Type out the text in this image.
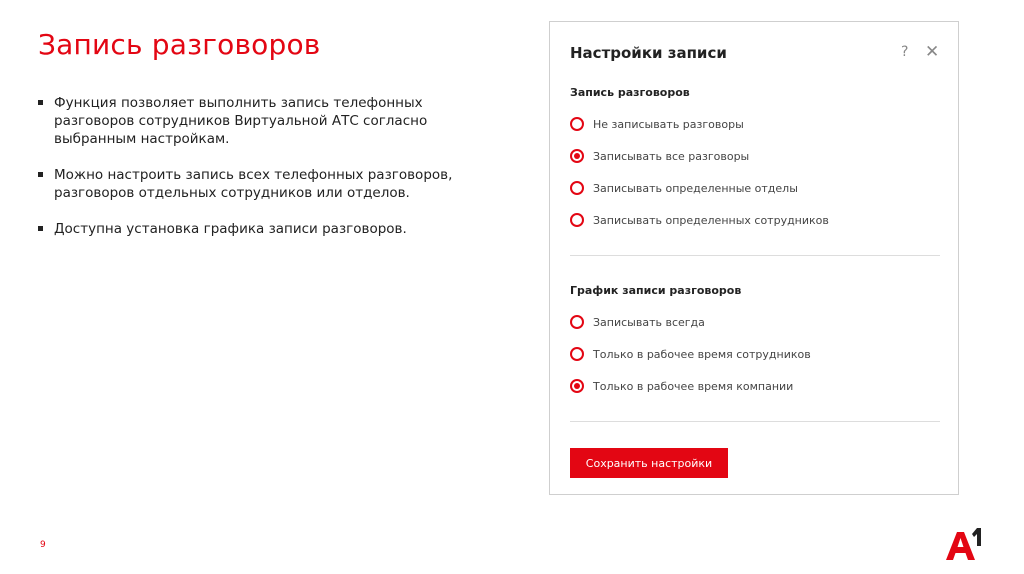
Запись разговоров
Функция позволяет выполнить запись телефонных разговоров сотрудников Виртуальной АТС согласно выбранным настройкам.
Можно настроить запись всех телефонных разговоров, разговоров отдельных сотрудников или отделов.
Доступна установка графика записи разговоров.
Настройки записи	? ✕
Запись разговоров
Не записывать разговоры
Записывать все разговоры
Записывать определенные отделы
Записывать определенных сотрудников
График записи разговоров
Записывать всегда
Только в рабочее время сотрудников
Только в рабочее время компании
Сохранить настройки
9
